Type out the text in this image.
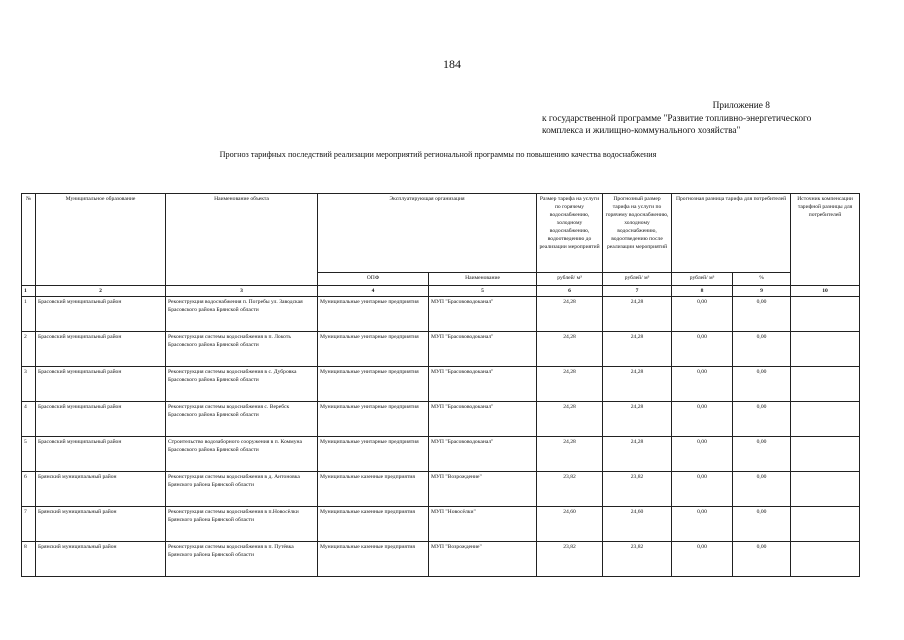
184
Приложение 8
к государственной программе "Развитие топливно-энергетического
комплекса и жилищно-коммунального хозяйства"
Прогноз тарифных последствий реализации мероприятий региональной программы по повышению качества водоснабжения
№	Муниципальное образование	Наименование объекта	Эксплуатирующая организация		Размер тарифа на услуги по горячему водоснабжению, холодному водоснабжению, водоотведению до реализации мероприятий	Прогнозный размер тарифа на услуги по горячему водоснабжению, холодному водоснабжению, водоотведению после реализации мероприятий	Прогнозная разница тарифа для потребителей		Источник компенсации тарифной разницы для потребителей
			ОПФ	Наименование	рублей/ м³	рублей/ м³	рублей/ м³	%	
1	2	3	4	5	6	7	8	9	10
1	Брасовский муниципальный район	Реконструкция водоснабжения п. Погребы ул. Заводская Брасовского района Брянской области	Муниципальные унитарные предприятия	МУП "Брасововодоканал"	24,28	24,28	0,00	0,00	
2	Брасовский муниципальный район	Реконструкция системы водоснабжения в п. Локоть Брасовского района Брянской области	Муниципальные унитарные предприятия	МУП "Брасововодоканал"	24,28	24,28	0,00	0,00	
3	Брасовский муниципальный район	Реконструкция системы водоснабжения в с. Дубровка Брасовского района Брянской области	Муниципальные унитарные предприятия	МУП "Брасововодоканал"	24,28	24,28	0,00	0,00	
4	Брасовский муниципальный район	Реконструкция системы водоснабжения с. Веребск Брасовского района Брянской области	Муниципальные унитарные предприятия	МУП "Брасововодоканал"	24,28	24,28	0,00	0,00	
5	Брасовский муниципальный район	Строительство водозаборного сооружения в п. Коммуна Брасовского района Брянской области	Муниципальные унитарные предприятия	МУП "Брасововодоканал"	24,28	24,28	0,00	0,00	
6	Брянский муниципальный район	Реконструкция системы водоснабжения в д. Антоновка Брянского района Брянской области	Муниципальные казенные предприятия	МУП "Возрождение"	23,82	23,82	0,00	0,00	
7	Брянский муниципальный район	Реконструкция системы водоснабжения в п.Новосёлки Брянского района Брянской области	Муниципальные казенные предприятия	МУП "Новосёлки"	24,60	24,60	0,00	0,00	
8	Брянский муниципальный район	Реконструкция системы водоснабжения в п. Путёвка Брянского района Брянской области	Муниципальные казенные предприятия	МУП "Возрождение"	23,82	23,82	0,00	0,00	
